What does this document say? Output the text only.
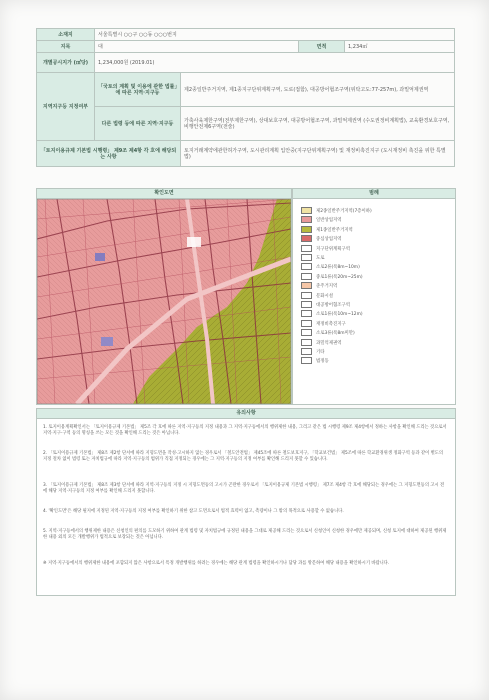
소재지	서울특별시 ○○구 ○○동 ○○○번지			
지목	대		면적	1,234㎡
개별공시지가 (㎡당)	1,234,000원 (2019.01)			
지역지구등 지정여부	「국토의 계획 및 이용에 관한 법률」에 따른 지역·지구등	제2종일반주거지역, 제1종지구단위계획구역, 도로(접함), 대공방어협조구역(위탁고도:77-257m), 과밀억제권역		
	다른 법령 등에 따른 지역·지구등	가축사육제한구역(전부제한구역), 상대보호구역, 대공방어협조구역, 과밀억제권역 (수도권정비계획법), 교육환경보호구역, 비행안전제6구역(전술)		
「토지이용규제 기본법 시행령」 제9조 제4항 각 호에 해당되는 사항		토지거래계약에관한허가구역, 도시관리계획 입안중(지구단위계획구역) 및 재정비촉진지구 (도시재정비 촉진을 위한 특별법)		
확인도면	범례
제2종일반주거지역(7층이하)
일반상업지역
제1종일반주거지역
중심상업지역
지구단위계획구역
도로
소로2류(폭8m~10m)
중로1류(폭20m~25m)
준주거지역
문화시설
대공방어협조구역
소로1류(폭10m~12m)
재정비촉진지구
소로3류(폭8m미만)
과밀억제권역
기타
법정동
유의사항
1. 토지이용계획확인서는 「토지이용규제 기본법」 제5조 각 호에 따른 지역·지구등의 지정 내용과 그 지역·지구등에서의 행위제한 내용, 그리고 같은 법 시행령 제9조 제4항에서 정하는 사항을 확인해 드리는 것으로서 지역·지구·구역 등의 명칭을 쓰는 모든 것을 확인해 드리는 것은 아닙니다.
2. 「토지이용규제 기본법」 제8조 제2항 단서에 따라 지형도면을 작성·고시하지 않는 경우로서 「철도안전법」 제45조에 따른 철도보호지구, 「학교보건법」 제5조에 따른 학교환경위생 정화구역 등과 같이 별도의 지정 절차 없이 법령 또는 자치법규에 따라 지역·지구등의 범위가 직접 지정되는 경우에는 그 지역·지구등의 지정 여부를 확인해 드리지 못할 수 있습니다.
3. 「토지이용규제 기본법」 제8조 제3항 단서에 따라 지역·지구등의 지정 시 지형도면등의 고시가 곤란한 경우로서 「토지이용규제 기본법 시행령」 제7조 제4항 각 호에 해당되는 경우에는 그 지형도면등의 고시 전에 해당 지역·지구등의 지정 여부를 확인해 드리지 못합니다.
4. '확인도면'은 해당 필지에 지정된 지역·지구등의 지정 여부를 확인하기 위한 참고 도면으로서 법적 효력이 없고, 측량이나 그 밖의 목적으로 사용할 수 없습니다.
5. 지역·지구등에서의 행위제한 내용은 신청인의 편의를 도모하기 위하여 관계 법령 및 자치법규에 규정된 내용을 그대로 제공해 드리는 것으로서 신청인이 신청한 경우에만 제공되며, 신청 토지에 대하여 제공된 행위제한 내용 외의 모든 개발행위가 법적으로 보장되는 것은 아닙니다.
※ 지역·지구등에서의 행위제한 내용에 포함되지 않은 사항으로서 특정 개발행위를 하려는 경우에는 해당 관계 법령을 확인하시거나 담당 과를 방문하여 해당 내용을 확인하시기 바랍니다.
